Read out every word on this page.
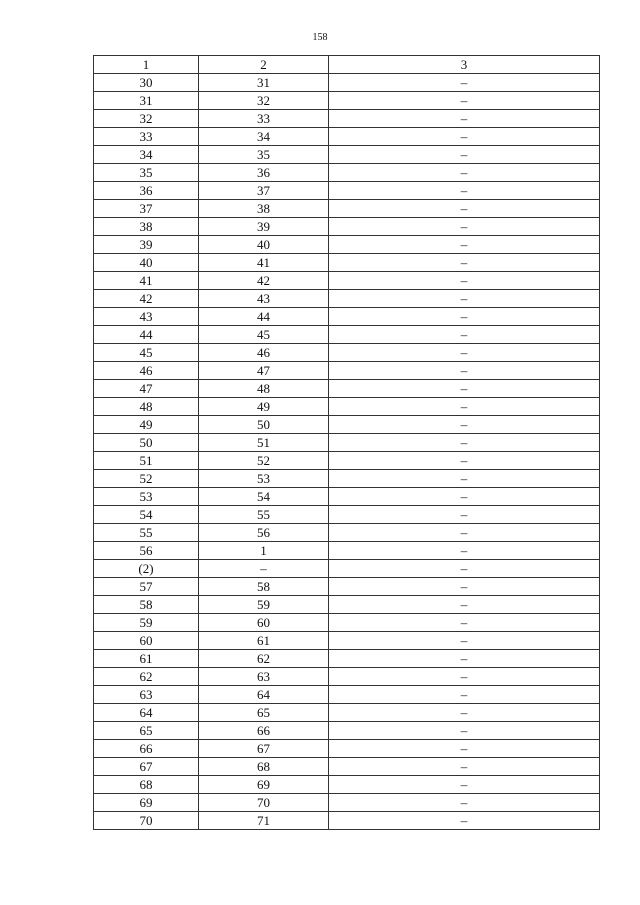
158
1	2	3
30	31	–
31	32	–
32	33	–
33	34	–
34	35	–
35	36	–
36	37	–
37	38	–
38	39	–
39	40	–
40	41	–
41	42	–
42	43	–
43	44	–
44	45	–
45	46	–
46	47	–
47	48	–
48	49	–
49	50	–
50	51	–
51	52	–
52	53	–
53	54	–
54	55	–
55	56	–
56	1	–
(2)	–	–
57	58	–
58	59	–
59	60	–
60	61	–
61	62	–
62	63	–
63	64	–
64	65	–
65	66	–
66	67	–
67	68	–
68	69	–
69	70	–
70	71	–
